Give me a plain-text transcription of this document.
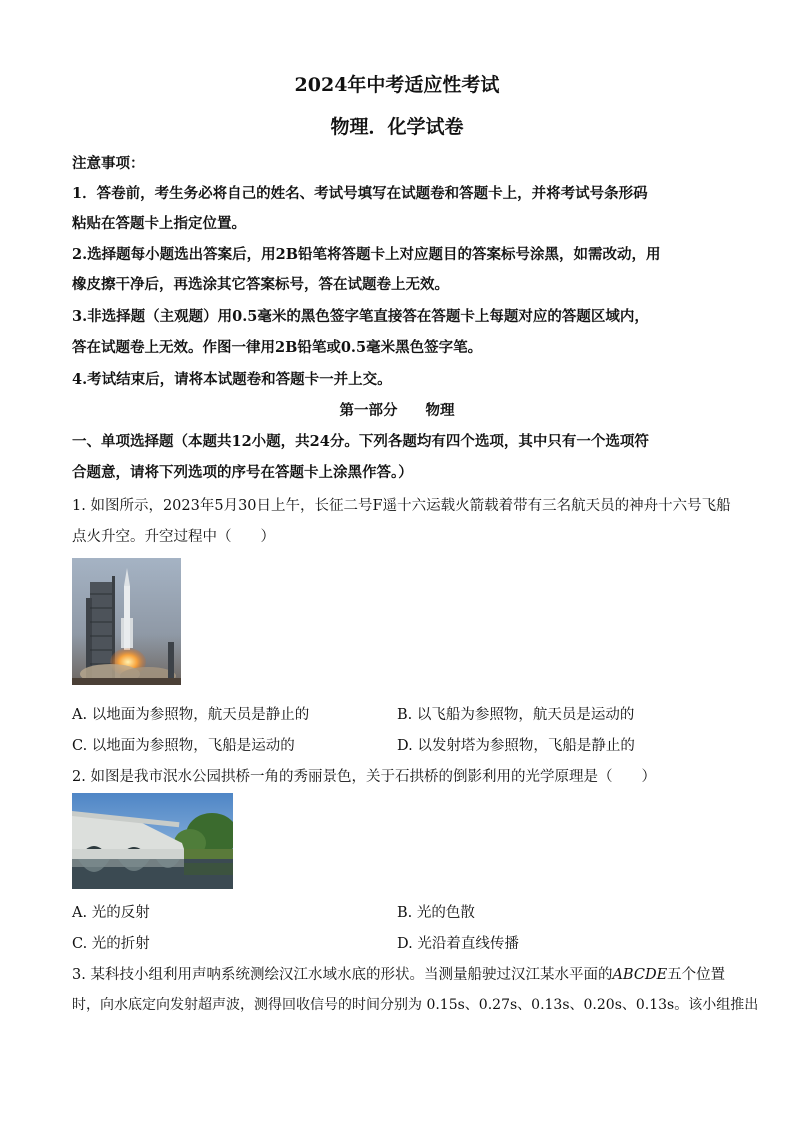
2024年中考适应性考试
物理．化学试卷
注意事项：
1．答卷前，考生务必将自己的姓名、考试号填写在试题卷和答题卡上，并将考试号条形码
粘贴在答题卡上指定位置。
2.选择题每小题选出答案后，用2B铅笔将答题卡上对应题目的答案标号涂黑，如需改动，用
橡皮擦干净后，再选涂其它答案标号，答在试题卷上无效。
3.非选择题（主观题）用0.5毫米的黑色签字笔直接答在答题卡上每题对应的答题区域内，
答在试题卷上无效。作图一律用2B铅笔或0.5毫米黑色签字笔。
4.考试结束后，请将本试题卷和答题卡一并上交。
第一部分 物理
一、单项选择题（本题共12小题，共24分。下列各题均有四个选项，其中只有一个选项符
合题意，请将下列选项的序号在答题卡上涂黑作答。）
1. 如图所示，2023年5月30日上午，长征二号F遥十六运载火箭载着带有三名航天员的神舟十六号飞船
点火升空。升空过程中（　　）
A. 以地面为参照物，航天员是静止的	B. 以飞船为参照物，航天员是运动的
C. 以地面为参照物，飞船是运动的	D. 以发射塔为参照物，飞船是静止的
2. 如图是我市泯水公园拱桥一角的秀丽景色，关于石拱桥的倒影利用的光学原理是（　　）
A. 光的反射	B. 光的色散
C. 光的折射	D. 光沿着直线传播
3. 某科技小组利用声呐系统测绘汉江水域水底的形状。当测量船驶过汉江某水平面的ABCDE五个位置
时，向水底定向发射超声波，测得回收信号的时间分别为 0.15s、0.27s、0.13s、0.20s、0.13s。该小组推出
